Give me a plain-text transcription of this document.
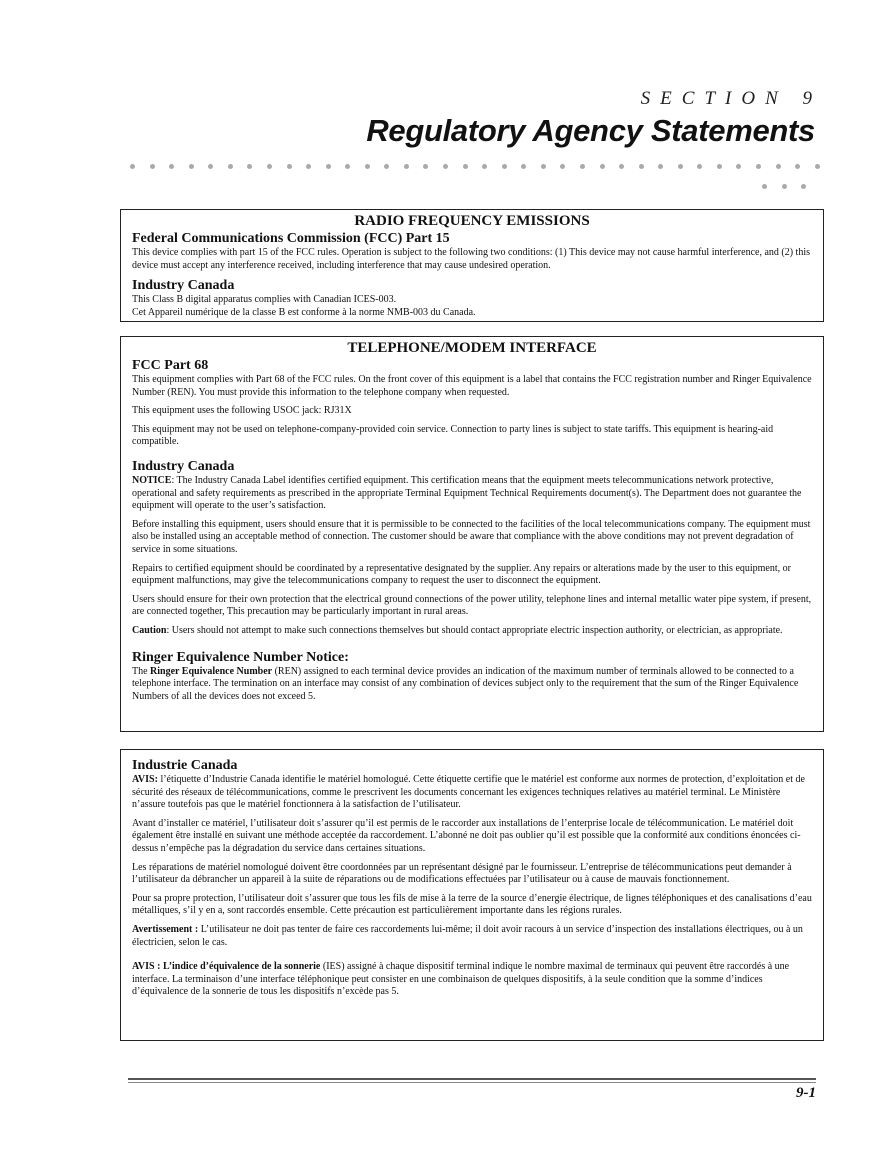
SECTION 9
Regulatory Agency Statements
RADIO FREQUENCY EMISSIONS
Federal Communications Commission (FCC) Part 15

This device complies with part 15 of the FCC rules. Operation is subject to the following two conditions: (1) This device may not cause harmful interference, and (2) this device must accept any interference received, including interference that may cause undesired operation.

Industry Canada

This Class B digital apparatus complies with Canadian ICES-003.

Cet Appareil numérique de la classe B est conforme à la norme NMB-003 du Canada.

TELEPHONE/MODEM INTERFACE
FCC Part 68

This equipment complies with Part 68 of the FCC rules. On the front cover of this equipment is a label that contains the FCC registration number and Ringer Equivalence Number (REN). You must provide this information to the telephone company when requested.

This equipment uses the following USOC jack: RJ31X

This equipment may not be used on telephone-company-provided coin service. Connection to party lines is subject to state tariffs. This equipment is hearing-aid compatible.

Industry Canada

NOTICE: The Industry Canada Label identifies certified equipment. This certification means that the equipment meets telecommunications network protective, operational and safety requirements as prescribed in the appropriate Terminal Equipment Technical Requirements document(s). The Department does not guarantee the equipment will operate to the user’s satisfaction.

Before installing this equipment, users should ensure that it is permissible to be connected to the facilities of the local telecommunications company. The equipment must also be installed using an acceptable method of connection. The customer should be aware that compliance with the above conditions may not prevent degradation of service in some situations.

Repairs to certified equipment should be coordinated by a representative designated by the supplier. Any repairs or alterations made by the user to this equipment, or equipment malfunctions, may give the telecommunications company to request the user to disconnect the equipment.

Users should ensure for their own protection that the electrical ground connections of the power utility, telephone lines and internal metallic water pipe system, if present, are connected together, This precaution may be particularly important in rural areas.

Caution: Users should not attempt to make such connections themselves but should contact appropriate electric inspection authority, or electrician, as appropriate.

Ringer Equivalence Number Notice:

The Ringer Equivalence Number (REN) assigned to each terminal device provides an indication of the maximum number of terminals allowed to be connected to a telephone interface. The termination on an interface may consist of any combination of devices subject only to the requirement that the sum of the Ringer Equivalence Numbers of all the devices does not exceed 5.

Industrie Canada

AVIS: l’étiquette d’Industrie Canada identifie le matériel homologué. Cette étiquette certifie que le matériel est conforme aux normes de protection, d’exploitation et de sécurité des réseaux de télécommunications, comme le prescrivent les documents concernant les exigences techniques relatives au matériel terminal. Le Ministère n’assure toutefois pas que le matériel fonctionnera à la satisfaction de l’utilisateur.

Avant d’installer ce matériel, l’utilisateur doit s’assurer qu’il est permis de le raccorder aux installations de l’enterprise locale de télécommunication. Le matériel doit également être installé en suivant une méthode acceptée da raccordement. L’abonné ne doit pas oublier qu’il est possible que la conformité aux conditions énoncées ci-dessus n’empêche pas la dégradation du service dans certaines situations.

Les réparations de matériel nomologué doivent être coordonnées par un représentant désigné par le fournisseur. L’entreprise de télécommunications peut demander à l’utilisateur da débrancher un appareil à la suite de réparations ou de modifications effectuées par l’utilisateur ou à cause de mauvais fonctionnement.

Pour sa propre protection, l’utilisateur doit s’assurer que tous les fils de mise à la terre de la source d’energie électrique, de lignes téléphoniques et des canalisations d’eau métalliques, s’il y en a, sont raccordés ensemble. Cette précaution est particulièrement importante dans les régions rurales.

Avertissement : L’utilisateur ne doit pas tenter de faire ces raccordements lui-même; il doit avoir racours à un service d’inspection des installations électriques, ou à un électricien, selon le cas.

AVIS : L’indice d’équivalence de la sonnerie (IES) assigné à chaque dispositif terminal indique le nombre maximal de terminaux qui peuvent être raccordés à une interface. La terminaison d’une interface téléphonique peut consister en une combinaison de quelques dispositifs, à la seule condition que la somme d’indices d’équivalence de la sonnerie de tous les dispositifs n’excède pas 5.

9-1
